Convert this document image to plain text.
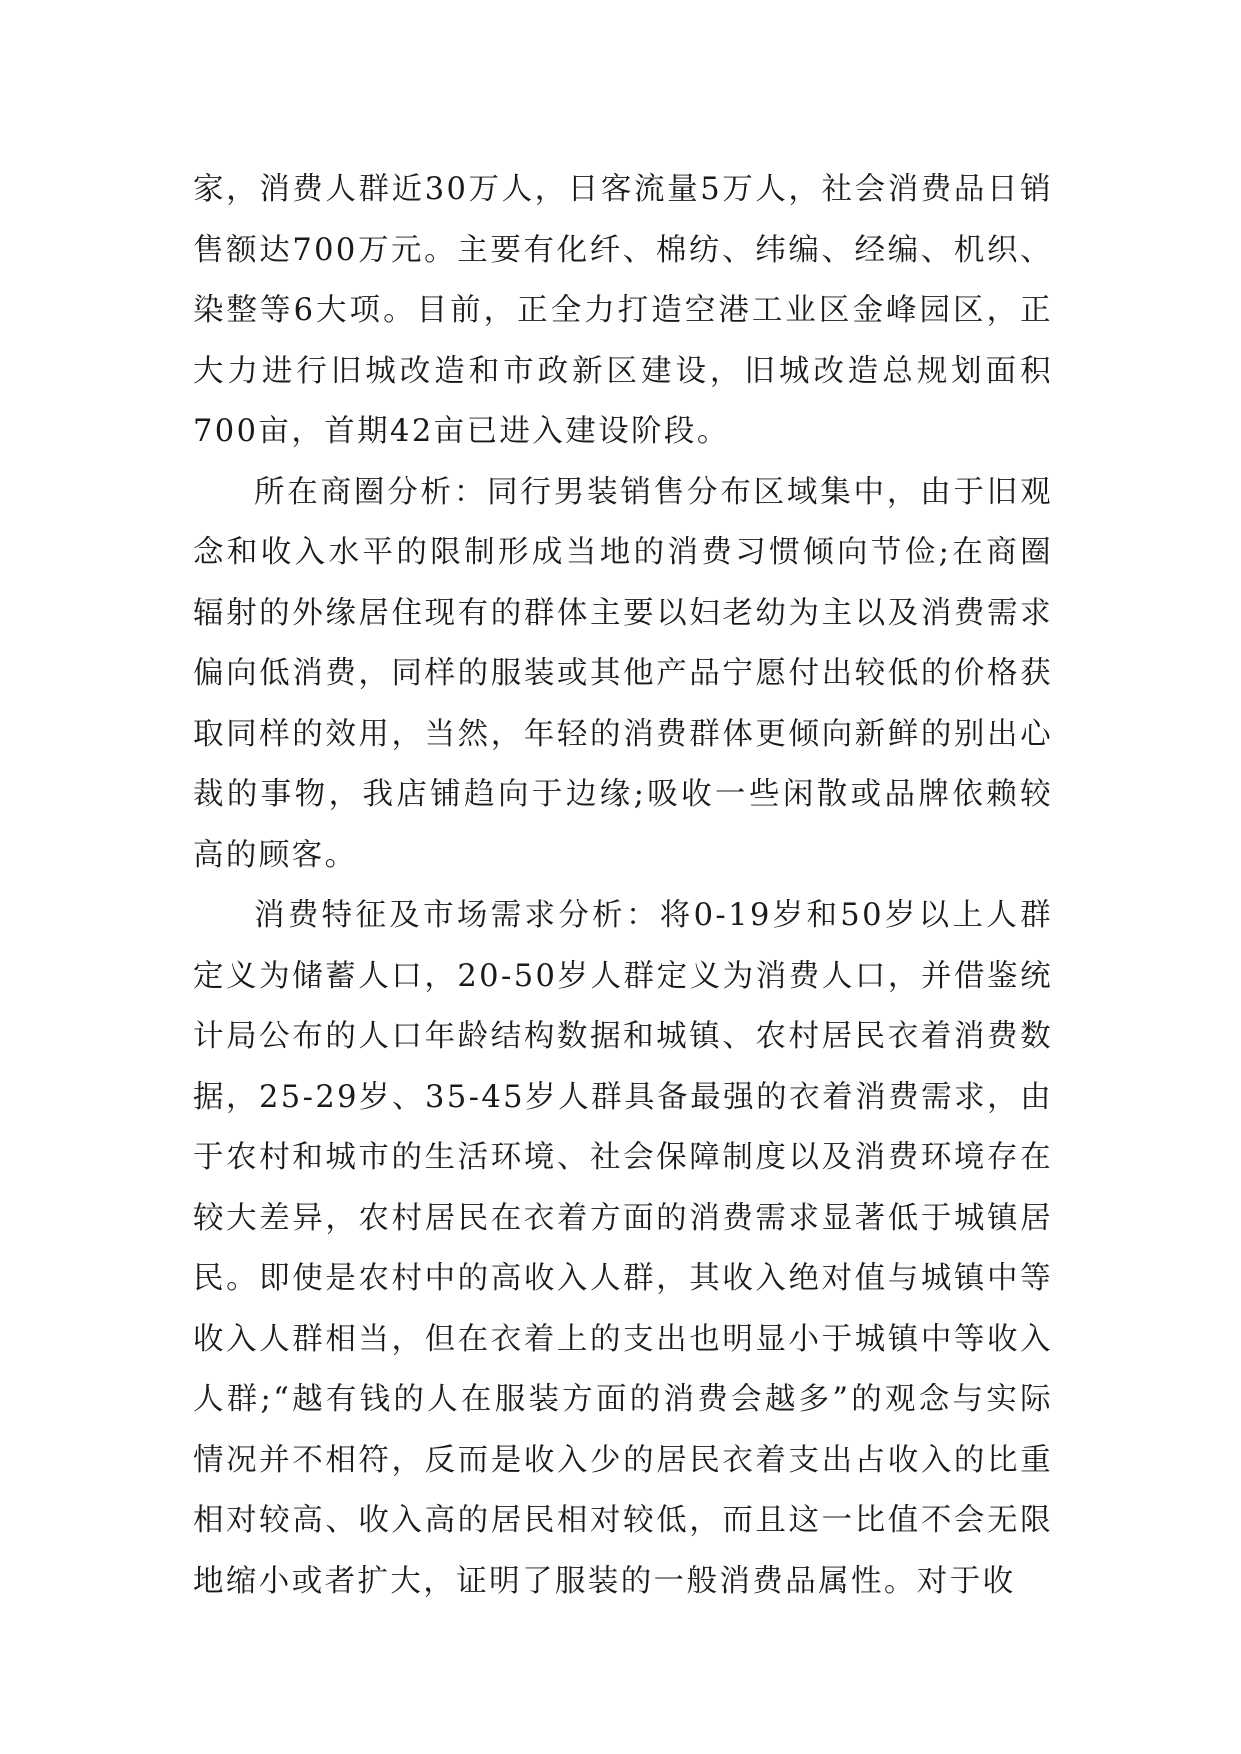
家，消费人群近30万人，日客流量5万人，社会消费品日销售额达700万元。主要有化纤、棉纺、纬编、经编、机织、染整等6大项。目前，正全力打造空港工业区金峰园区，正大力进行旧城改造和市政新区建设，旧城改造总规划面积700亩，首期42亩已进入建设阶段。

所在商圈分析：同行男装销售分布区域集中，由于旧观念和收入水平的限制形成当地的消费习惯倾向节俭;在商圈辐射的外缘居住现有的群体主要以妇老幼为主以及消费需求偏向低消费，同样的服装或其他产品宁愿付出较低的价格获取同样的效用，当然，年轻的消费群体更倾向新鲜的别出心裁的事物，我店铺趋向于边缘;吸收一些闲散或品牌依赖较高的顾客。

消费特征及市场需求分析：将0-19岁和50岁以上人群定义为储蓄人口，20-50岁人群定义为消费人口，并借鉴统计局公布的人口年龄结构数据和城镇、农村居民衣着消费数据，25-29岁、35-45岁人群具备最强的衣着消费需求，由于农村和城市的生活环境、社会保障制度以及消费环境存在较大差异，农村居民在衣着方面的消费需求显著低于城镇居民。即使是农村中的高收入人群，其收入绝对值与城镇中等收入人群相当，但在衣着上的支出也明显小于城镇中等收入人群;“越有钱的人在服装方面的消费会越多”的观念与实际情况并不相符，反而是收入少的居民衣着支出占收入的比重相对较高、收入高的居民相对较低，而且这一比值不会无限地缩小或者扩大，证明了服装的一般消费品属性。对于收
